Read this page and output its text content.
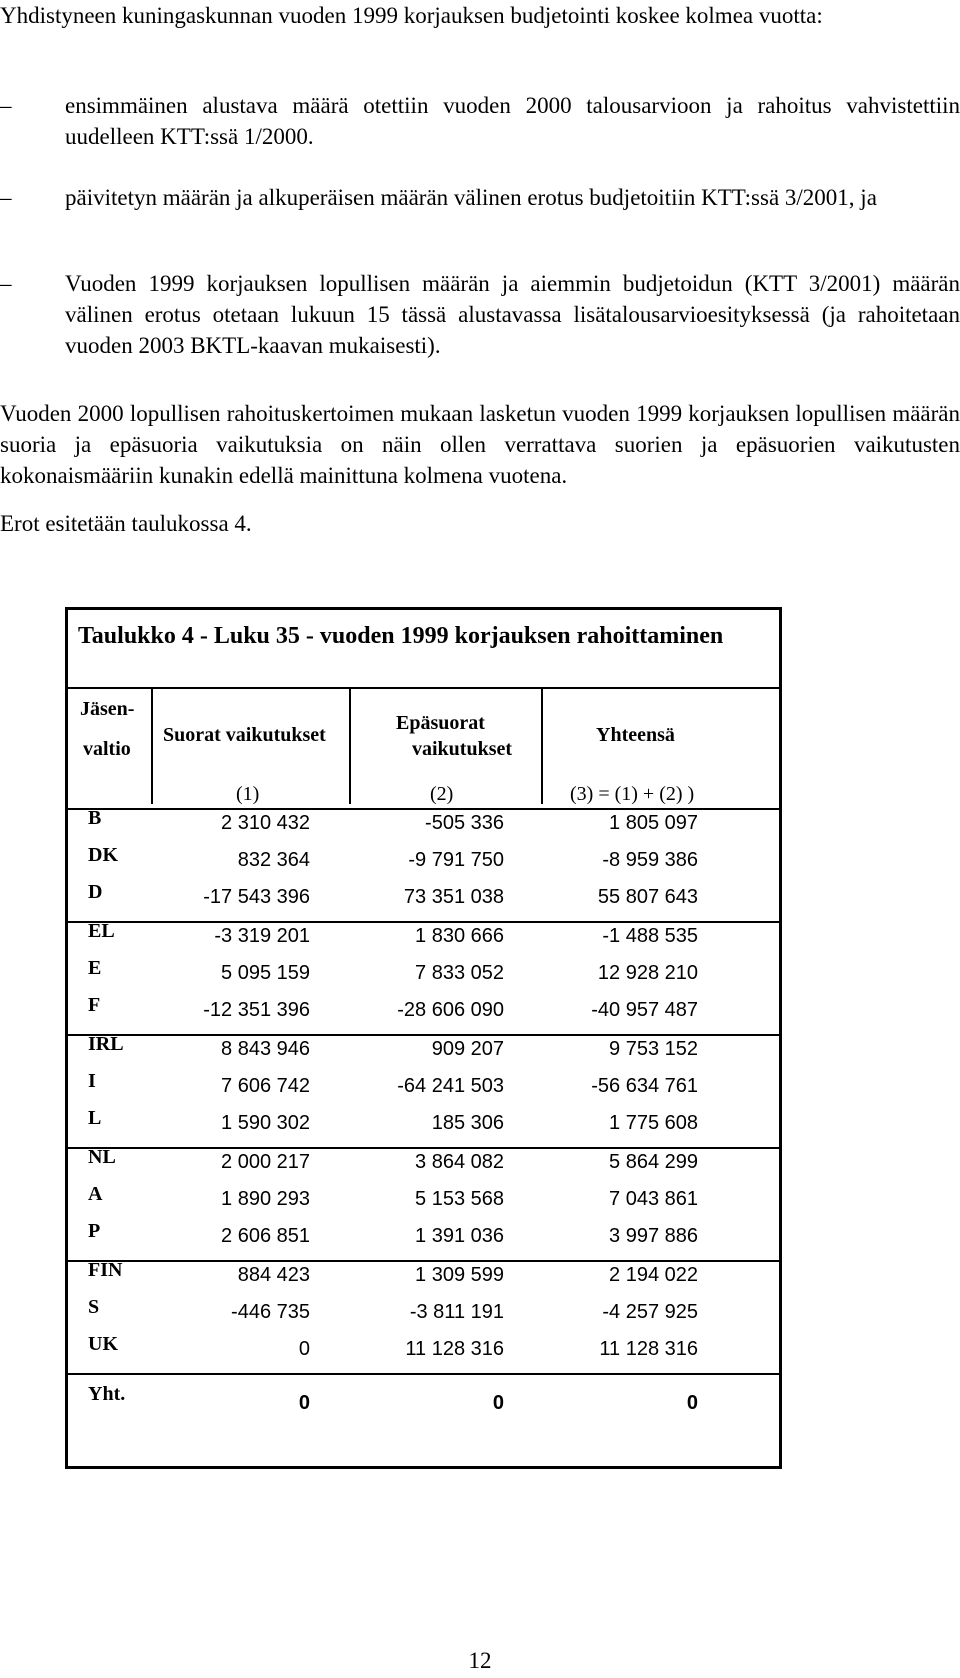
Yhdistyneen kuningaskunnan vuoden 1999 korjauksen budjetointi koskee kolmea vuotta:

– ensimmäinen alustava määrä otettiin vuoden 2000 talousarvioon ja rahoitus vahvistettiin uudelleen KTT:ssä 1/2000.
– päivitetyn määrän ja alkuperäisen määrän välinen erotus budjetoitiin KTT:ssä 3/2001, ja
– Vuoden 1999 korjauksen lopullisen määrän ja aiemmin budjetoidun (KTT 3/2001) määrän välinen erotus otetaan lukuun 15 tässä alustavassa lisätalousarvioesityksessä (ja rahoitetaan vuoden 2003 BKTL-kaavan mukaisesti).

Vuoden 2000 lopullisen rahoituskertoimen mukaan lasketun vuoden 1999 korjauksen lopullisen määrän suoria ja epäsuoria vaikutuksia on näin ollen verrattava suorien ja epäsuorien vaikutusten kokonaismääriin kunakin edellä mainittuna kolmena vuotena.

Erot esitetään taulukossa 4.

Taulukko 4 - Luku 35 - vuoden 1999 korjauksen rahoittaminen
Jäsen-
valtio
Suorat vaikutukset
Epäsuorat
vaikutukset
Yhteensä
(1)	(2)	(3) = (1) + (2) )
B	2 310 432	-505 336	1 805 097
DK	832 364	-9 791 750	-8 959 386
D	-17 543 396	73 351 038	55 807 643
EL	-3 319 201	1 830 666	-1 488 535
E	5 095 159	7 833 052	12 928 210
F	-12 351 396	-28 606 090	-40 957 487
IRL	8 843 946	909 207	9 753 152
I	7 606 742	-64 241 503	-56 634 761
L	1 590 302	185 306	1 775 608
NL	2 000 217	3 864 082	5 864 299
A	1 890 293	5 153 568	7 043 861
P	2 606 851	1 391 036	3 997 886
FIN	884 423	1 309 599	2 194 022
S	-446 735	-3 811 191	-4 257 925
UK	0	11 128 316	11 128 316
Yht.	0	0	0
12
